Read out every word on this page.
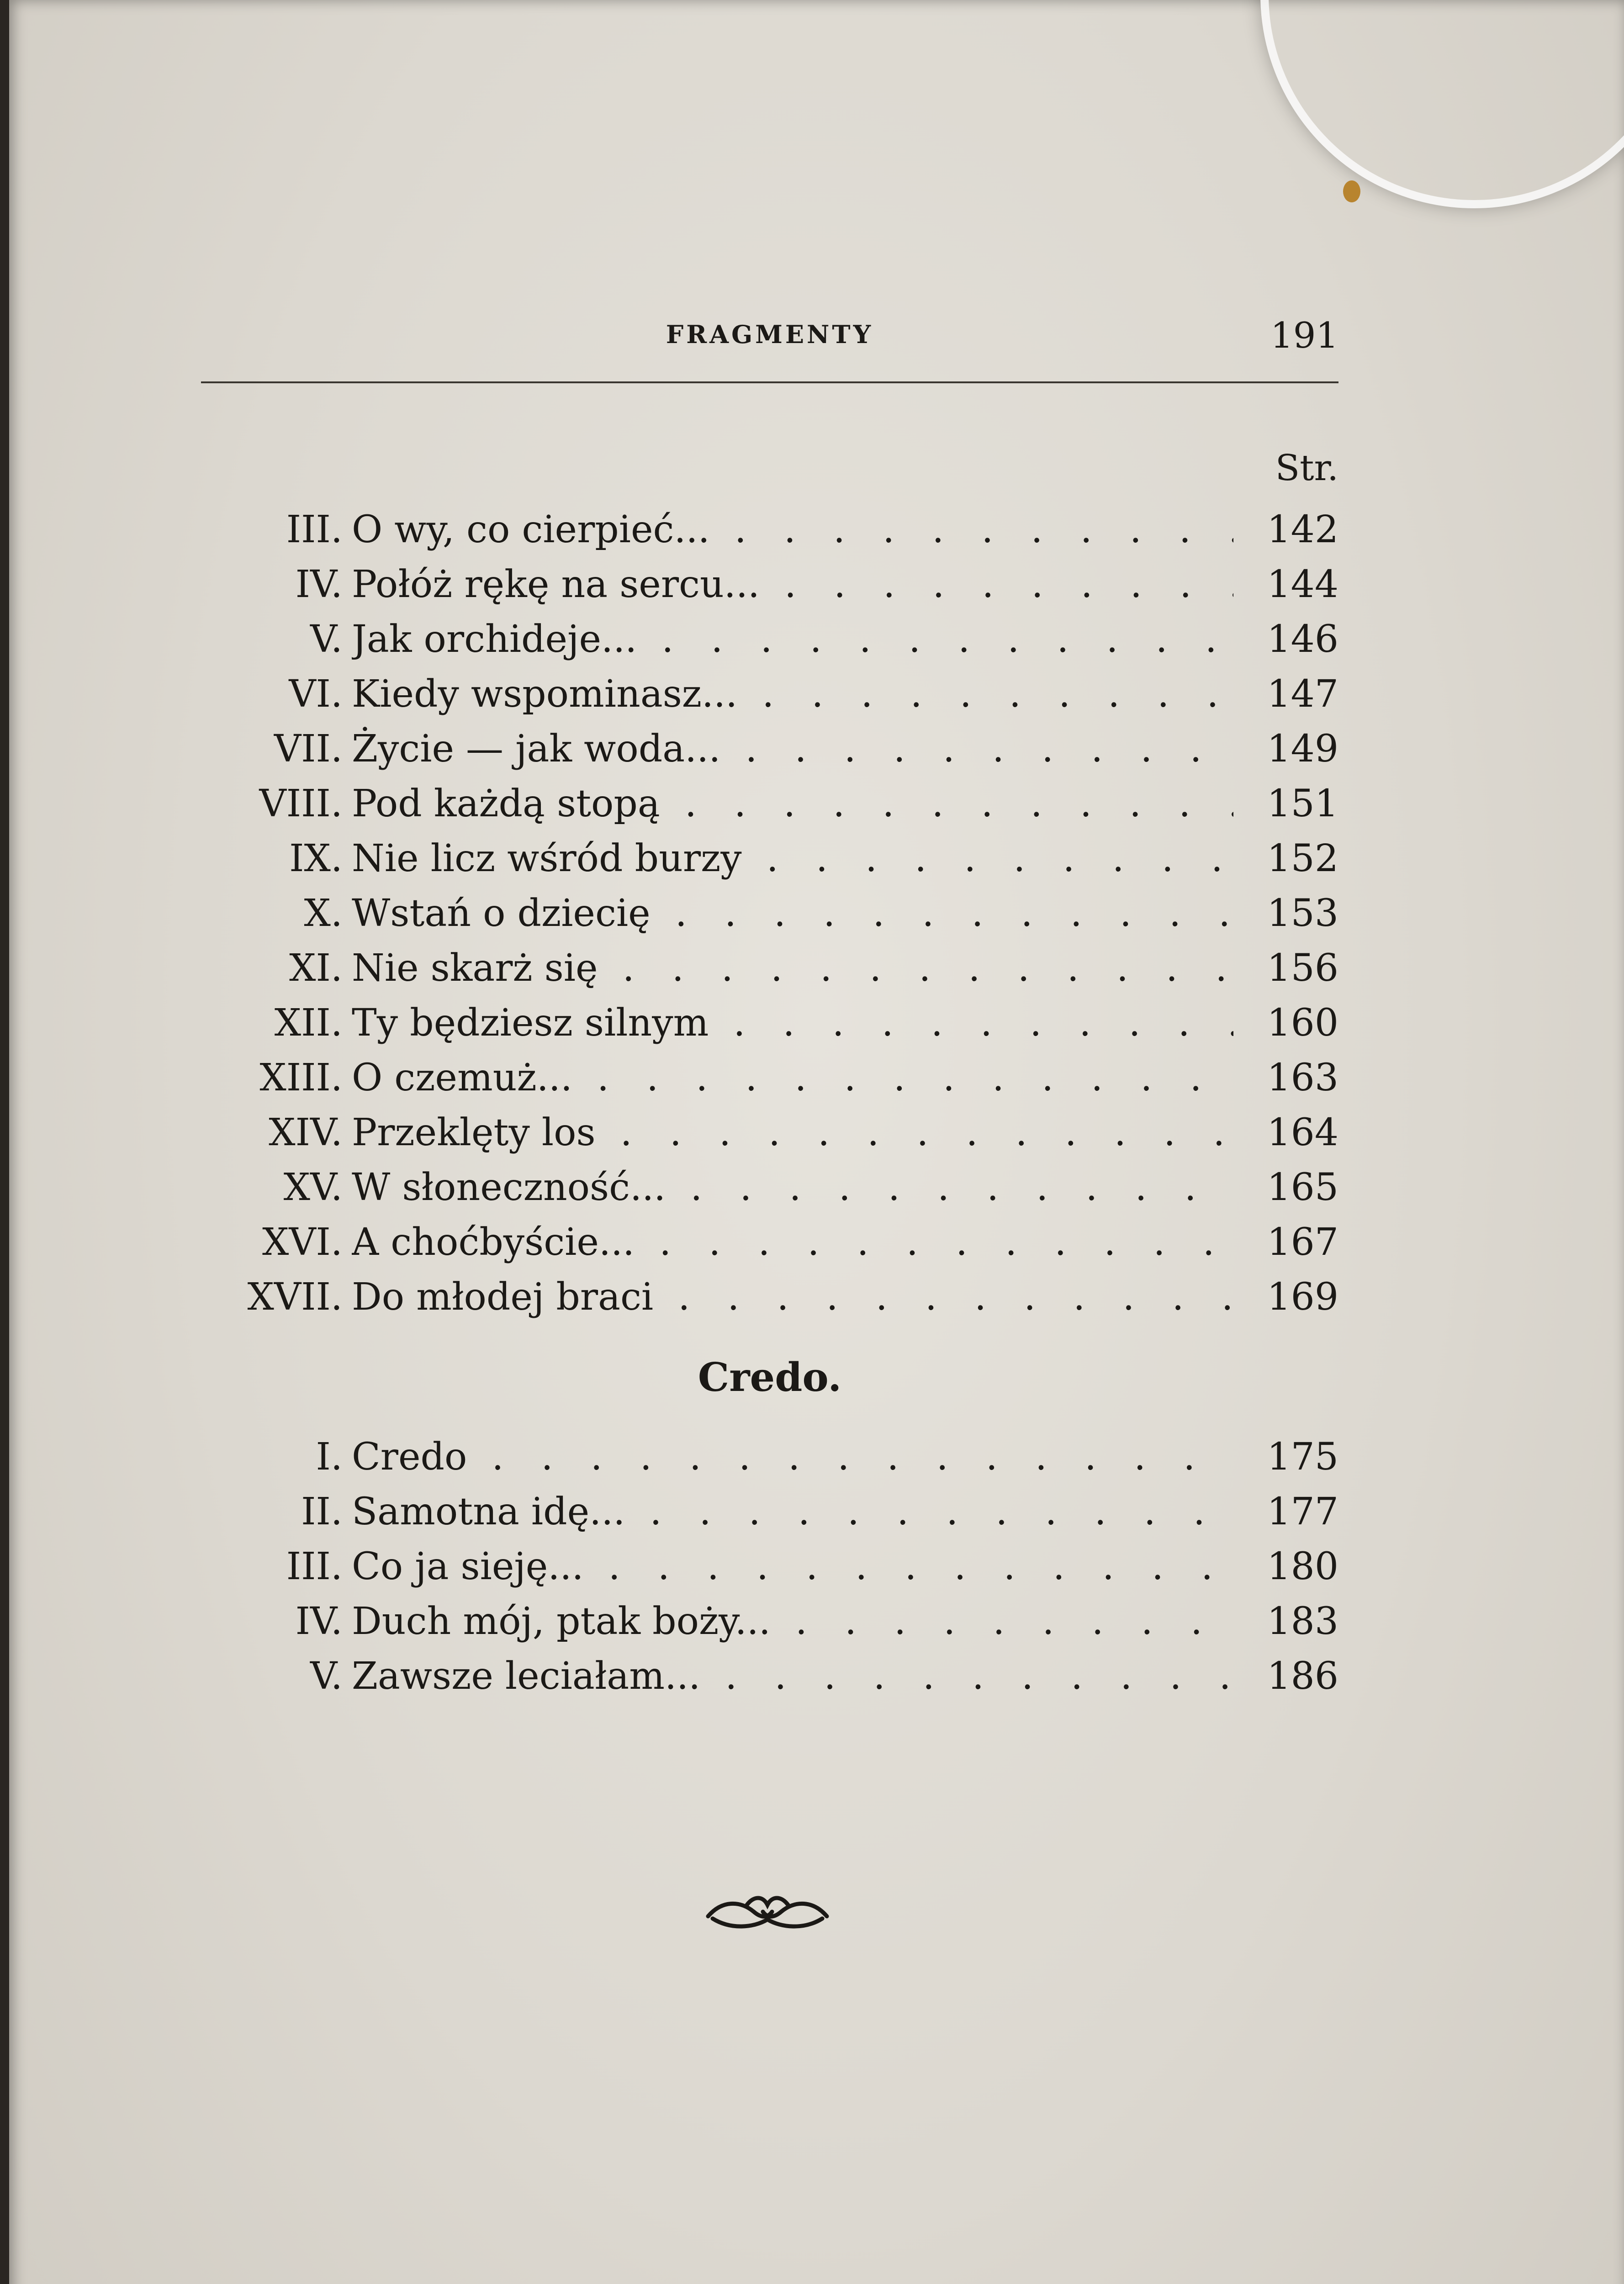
FRAGMENTY	191
Str.
III. O wy, co cierpieć... . . .	142
IV. Połóż rękę na sercu... . . .	144
V. Jak orchideje... . . .	146
VI. Kiedy wspominasz... . . .	147
VII. Życie — jak woda... . . .	149
VIII. Pod każdą stopą . . .	151
IX. Nie licz wśród burzy . . .	152
X. Wstań o dziecię . . .	153
XI. Nie skarż się . . .	156
XII. Ty będziesz silnym . . .	160
XIII. O czemuż... . . .	163
XIV. Przeklęty los . . .	164
XV. W słoneczność... . . .	165
XVI. A choćbyście... . . .	167
XVII. Do młodej braci . . .	169
Credo.
I. Credo . . .	175
II. Samotna idę... . . .	177
III. Co ja sieję... . . .	180
IV. Duch mój, ptak boży... . . .	183
V. Zawsze leciałam... . . .	186
